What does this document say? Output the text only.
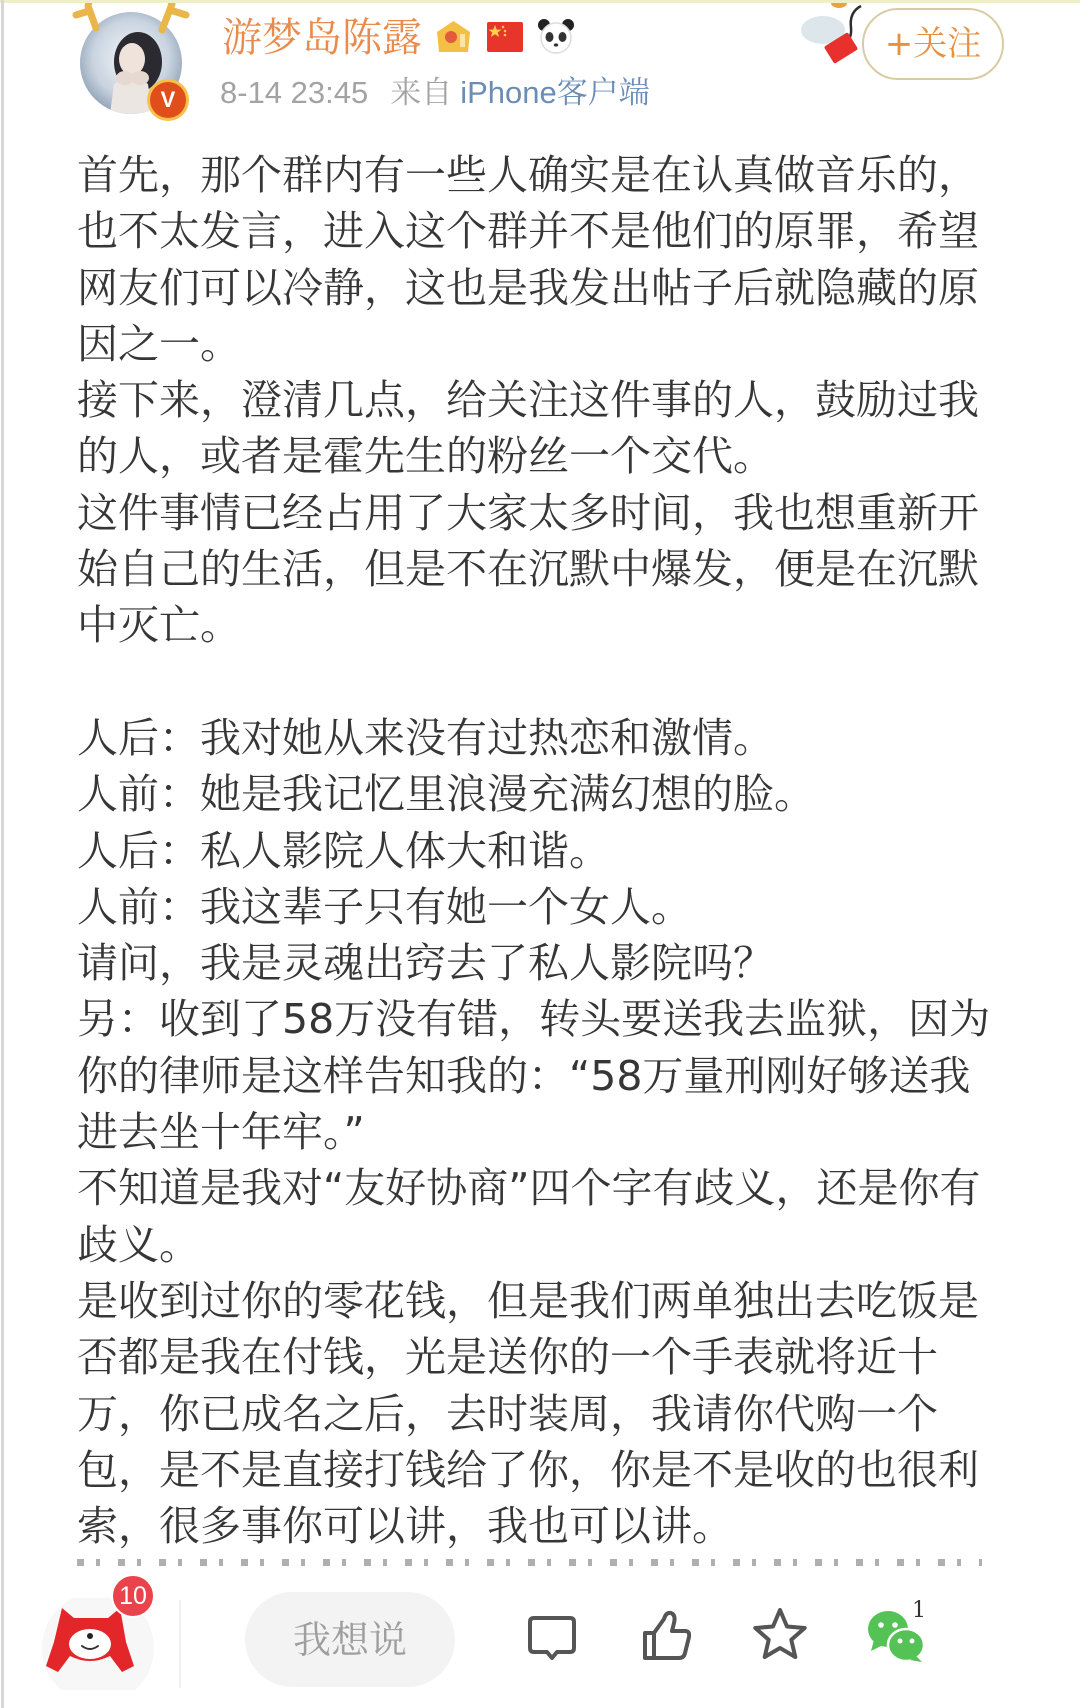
V
游梦岛陈露
8-14 23:45 来自 iPhone客户端
+关注
首先，那个群内有一些人确实是在认真做音乐的，
也不太发言，进入这个群并不是他们的原罪，希望
网友们可以冷静，这也是我发出帖子后就隐藏的原
因之一。
接下来，澄清几点，给关注这件事的人，鼓励过我
的人，或者是霍先生的粉丝一个交代。
这件事情已经占用了大家太多时间，我也想重新开
始自己的生活，但是不在沉默中爆发，便是在沉默
中灭亡。
人后：我对她从来没有过热恋和激情。
人前：她是我记忆里浪漫充满幻想的脸。
人后：私人影院人体大和谐。
人前：我这辈子只有她一个女人。
请问，我是灵魂出窍去了私人影院吗？
另：收到了58万没有错，转头要送我去监狱，因为
你的律师是这样告知我的：“58万量刑刚好够送我
进去坐十年牢。”
不知道是我对“友好协商”四个字有歧义，还是你有
歧义。
是收到过你的零花钱，但是我们两单独出去吃饭是
否都是我在付钱，光是送你的一个手表就将近十
万，你已成名之后，去时装周，我请你代购一个
包，是不是直接打钱给了你，你是不是收的也很利
索，很多事你可以讲，我也可以讲。
10
我想说
1
